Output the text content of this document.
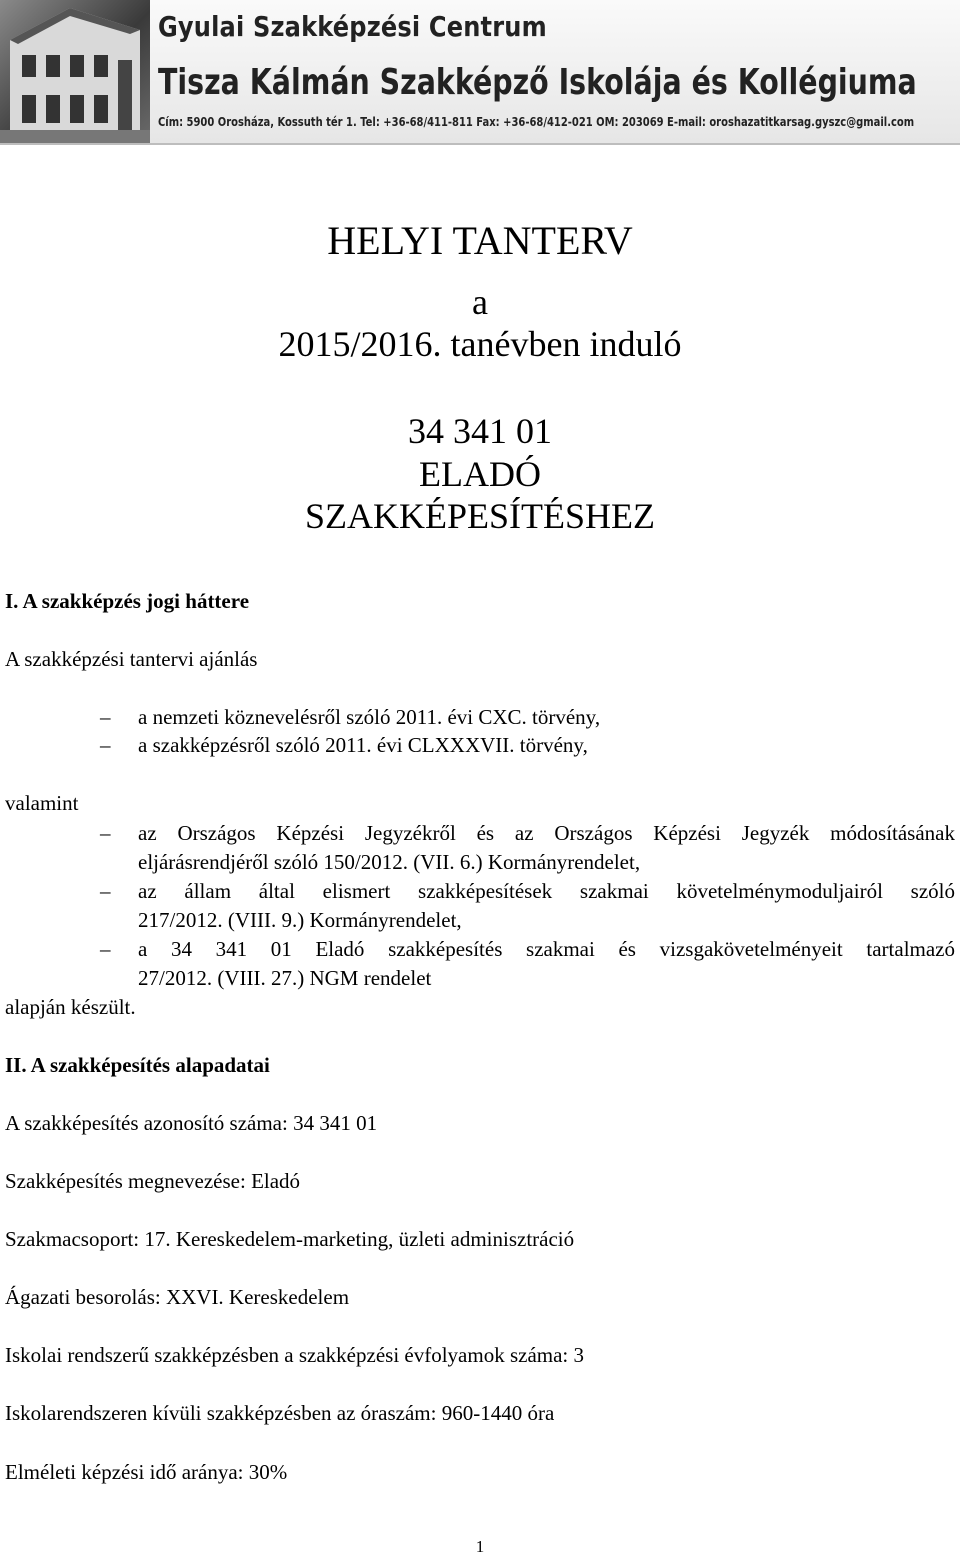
Gyulai Szakképzési Centrum
Tisza Kálmán Szakképző Iskolája és Kollégiuma
Cím: 5900 Orosháza, Kossuth tér 1. Tel: +36-68/411-811 Fax: +36-68/412-021 OM: 203069 E-mail: oroshazatitkarsag.gyszc@gmail.com
HELYI TANTERV
a
2015/2016. tanévben induló
34 341 01
ELADÓ
SZAKKÉPESÍTÉSHEZ
I. A szakképzés jogi háttere
A szakképzési tantervi ajánlás
– a nemzeti köznevelésről szóló 2011. évi CXC. törvény,
– a szakképzésről szóló 2011. évi CLXXXVII. törvény,
valamint
– az Országos Képzési Jegyzékről és az Országos Képzési Jegyzék módosításának
eljárásrendjéről szóló 150/2012. (VII. 6.) Kormányrendelet,
– az állam által elismert szakképesítések szakmai követelménymoduljairól szóló
217/2012. (VIII. 9.) Kormányrendelet,
– a 34 341 01 Eladó szakképesítés szakmai és vizsgakövetelményeit tartalmazó
27/2012. (VIII. 27.) NGM rendelet
alapján készült.
II. A szakképesítés alapadatai
A szakképesítés azonosító száma: 34 341 01
Szakképesítés megnevezése: Eladó
Szakmacsoport: 17. Kereskedelem-marketing, üzleti adminisztráció
Ágazati besorolás: XXVI. Kereskedelem
Iskolai rendszerű szakképzésben a szakképzési évfolyamok száma: 3
Iskolarendszeren kívüli szakképzésben az óraszám: 960-1440 óra
Elméleti képzési idő aránya: 30%
1
